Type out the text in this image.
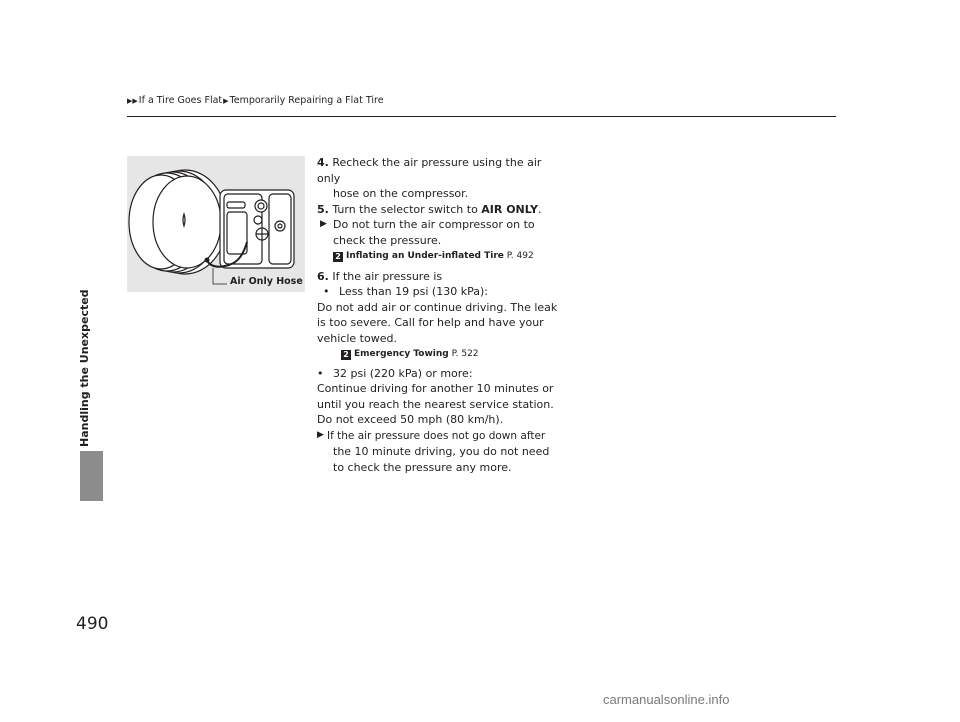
▶▶ If a Tire Goes Flat ▶ Temporarily Repairing a Flat Tire
Handling the Unexpected
Air Only Hose
4. Recheck the air pressure using the air only
hose on the compressor.
5. Turn the selector switch to AIR ONLY.
▶ Do not turn the air compressor on to
check the pressure.
2 Inflating an Under-inflated Tire P. 492
6. If the air pressure is
• Less than 19 psi (130 kPa):
Do not add air or continue driving. The leak
is too severe. Call for help and have your
vehicle towed.
2 Emergency Towing P. 522
• 32 psi (220 kPa) or more:
Continue driving for another 10 minutes or
until you reach the nearest service station.
Do not exceed 50 mph (80 km/h).
▶ If the air pressure does not go down after
the 10 minute driving, you do not need
to check the pressure any more.
490
carmanualsonline.info
